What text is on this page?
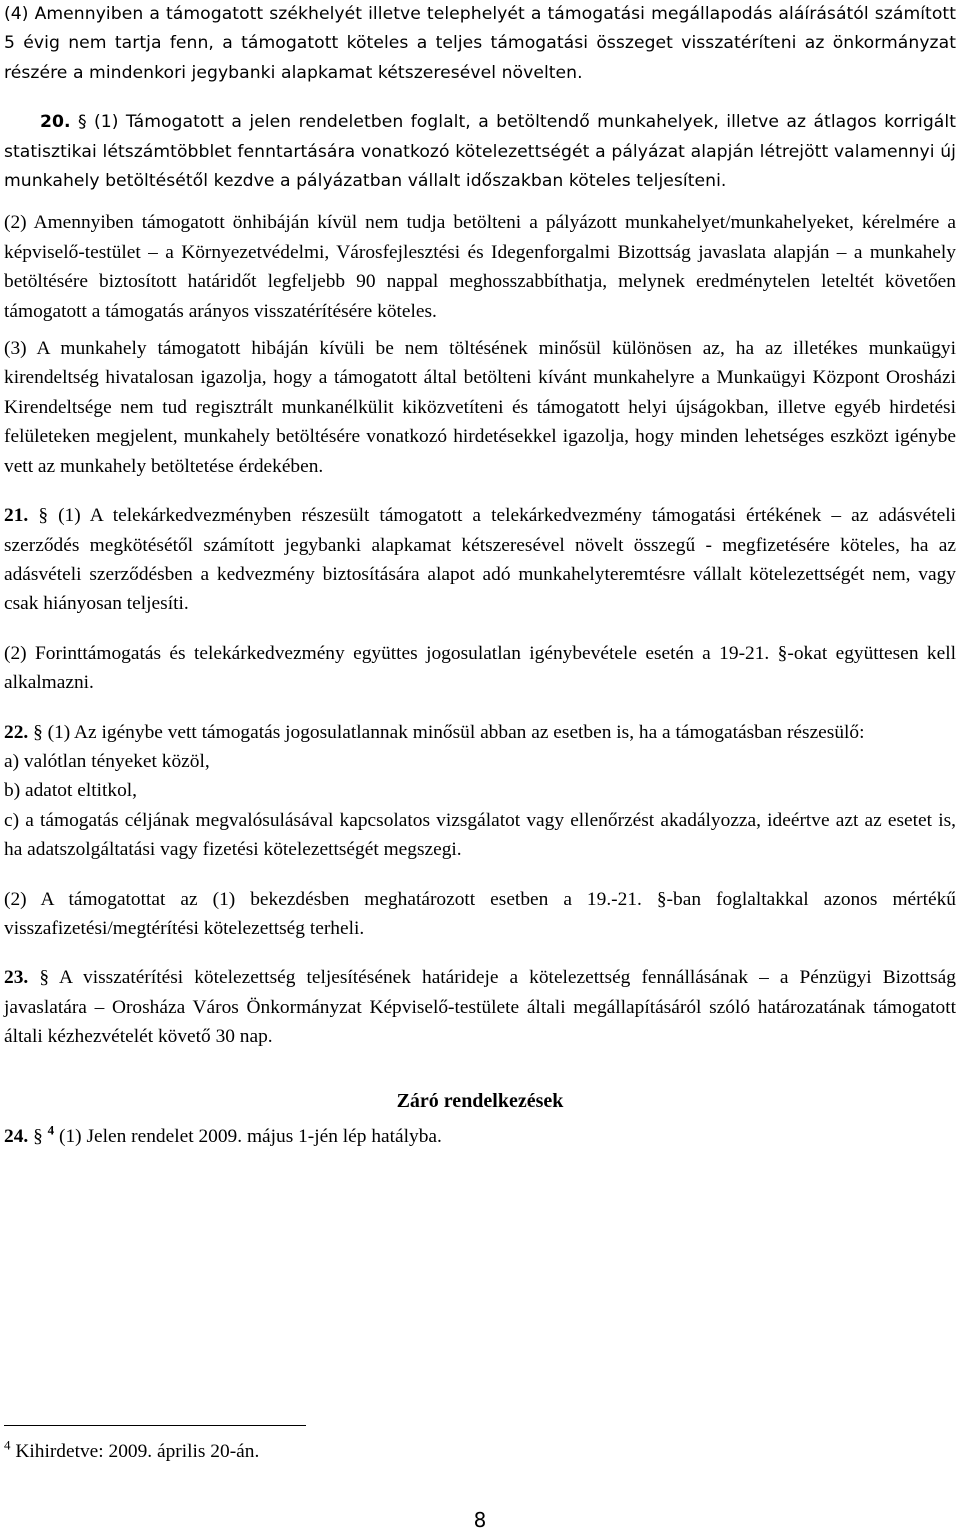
(4) Amennyiben a támogatott székhelyét illetve telephelyét a támogatási megállapodás aláírásától számított 5 évig nem tartja fenn, a támogatott köteles a teljes támogatási összeget visszatéríteni az önkormányzat részére a mindenkori jegybanki alapkamat kétszeresével növelten.

20. § (1) Támogatott a jelen rendeletben foglalt, a betöltendő munkahelyek, illetve az átlagos korrigált statisztikai létszámtöbblet fenntartására vonatkozó kötelezettségét a pályázat alapján létrejött valamennyi új munkahely betöltésétől kezdve a pályázatban vállalt időszakban köteles teljesíteni.

(2) Amennyiben támogatott önhibáján kívül nem tudja betölteni a pályázott munkahelyet/munkahelyeket, kérelmére a képviselő-testület – a Környezetvédelmi, Városfejlesztési és Idegenforgalmi Bizottság javaslata alapján – a munkahely betöltésére biztosított határidőt legfeljebb 90 nappal meghosszabbíthatja, melynek eredménytelen leteltét követően támogatott a támogatás arányos visszatérítésére köteles.

(3) A munkahely támogatott hibáján kívüli be nem töltésének minősül különösen az, ha az illetékes munkaügyi kirendeltség hivatalosan igazolja, hogy a támogatott által betölteni kívánt munkahelyre a Munkaügyi Központ Orosházi Kirendeltsége nem tud regisztrált munkanélkülit kiközvetíteni és támogatott helyi újságokban, illetve egyéb hirdetési felületeken megjelent, munkahely betöltésére vonatkozó hirdetésekkel igazolja, hogy minden lehetséges eszközt igénybe vett az munkahely betöltetése érdekében.

21. § (1) A telekárkedvezményben részesült támogatott a telekárkedvezmény támogatási értékének – az adásvételi szerződés megkötésétől számított jegybanki alapkamat kétszeresével növelt összegű - megfizetésére köteles, ha az adásvételi szerződésben a kedvezmény biztosítására alapot adó munkahelyteremtésre vállalt kötelezettségét nem, vagy csak hiányosan teljesíti.

(2) Forinttámogatás és telekárkedvezmény együttes jogosulatlan igénybevétele esetén a 19-21. §-okat együttesen kell alkalmazni.

22. § (1) Az igénybe vett támogatás jogosulatlannak minősül abban az esetben is, ha a támogatásban részesülő:

a) valótlan tényeket közöl,

b) adatot eltitkol,

c) a támogatás céljának megvalósulásával kapcsolatos vizsgálatot vagy ellenőrzést akadályozza, ideértve azt az esetet is, ha adatszolgáltatási vagy fizetési kötelezettségét megszegi.

(2) A támogatottat az (1) bekezdésben meghatározott esetben a 19.-21. §-ban foglaltakkal azonos mértékű visszafizetési/megtérítési kötelezettség terheli.

23. § A visszatérítési kötelezettség teljesítésének határideje a kötelezettség fennállásának – a Pénzügyi Bizottság javaslatára – Orosháza Város Önkormányzat Képviselő-testülete általi megállapításáról szóló határozatának támogatott általi kézhezvételét követő 30 nap.

Záró rendelkezések

24. § $^4$ (1) Jelen rendelet 2009. május 1-jén lép hatályba.

$^4$ Kihirdetve: 2009. április 20-án.

8
